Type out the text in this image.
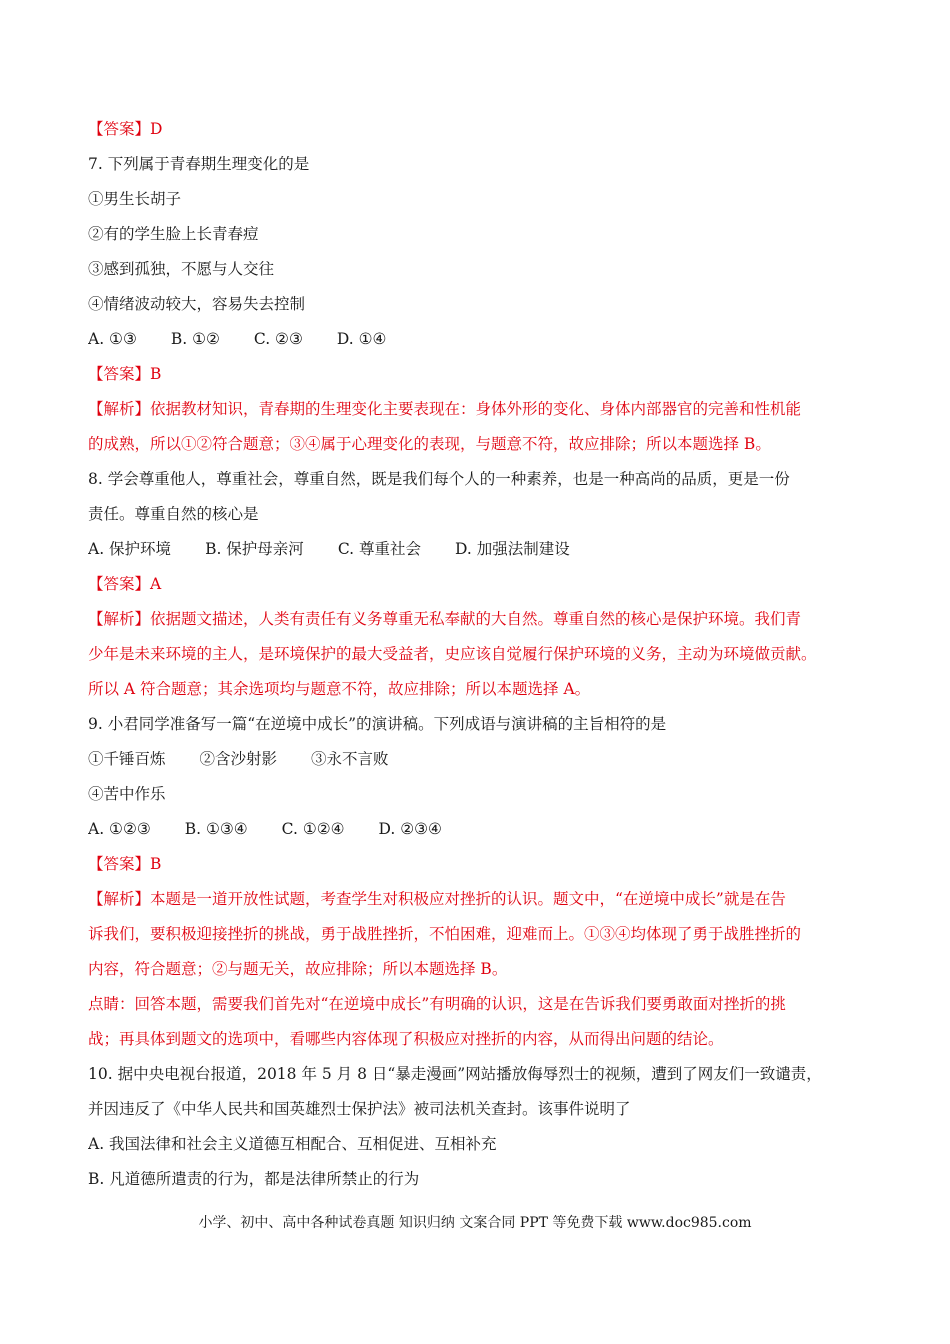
【答案】D
7. 下列属于青春期生理变化的是
①男生长胡子
②有的学生脸上长青春痘
③感到孤独，不愿与人交往
④情绪波动较大，容易失去控制
A. ①③ B. ①② C. ②③ D. ①④
【答案】B
【解析】依据教材知识，青春期的生理变化主要表现在：身体外形的变化、身体内部器官的完善和性机能
的成熟，所以①②符合题意；③④属于心理变化的表现，与题意不符，故应排除；所以本题选择 B。
8. 学会尊重他人，尊重社会，尊重自然，既是我们每个人的一种素养，也是一种高尚的品质，更是一份
责任。尊重自然的核心是
A. 保护环境 B. 保护母亲河 C. 尊重社会 D. 加强法制建设
【答案】A
【解析】依据题文描述，人类有责任有义务尊重无私奉献的大自然。尊重自然的核心是保护环境。我们青
少年是未来环境的主人，是环境保护的最大受益者，史应该自觉履行保护环境的义务，主动为环境做贡献。
所以 A 符合题意；其余选项均与题意不符，故应排除；所以本题选择 A。
9. 小君同学准备写一篇“在逆境中成长”的演讲稿。下列成语与演讲稿的主旨相符的是
①千锤百炼 ②含沙射影 ③永不言败
④苦中作乐
A. ①②③ B. ①③④ C. ①②④ D. ②③④
【答案】B
【解析】本题是一道开放性试题，考查学生对积极应对挫折的认识。题文中，“在逆境中成长”就是在告
诉我们，要积极迎接挫折的挑战，勇于战胜挫折，不怕困难，迎难而上。①③④均体现了勇于战胜挫折的
内容，符合题意；②与题无关，故应排除；所以本题选择 B。
点睛：回答本题，需要我们首先对“在逆境中成长”有明确的认识，这是在告诉我们要勇敢面对挫折的挑
战；再具体到题文的选项中，看哪些内容体现了积极应对挫折的内容，从而得出问题的结论。
10. 据中央电视台报道，2018 年 5 月 8 日“暴走漫画”网站播放侮辱烈士的视频，遭到了网友们一致谴责，
并因违反了《中华人民共和国英雄烈士保护法》被司法机关查封。该事件说明了
A. 我国法律和社会主义道德互相配合、互相促进、互相补充
B. 凡道德所遣责的行为，都是法律所禁止的行为
小学、初中、高中各种试卷真题 知识归纳 文案合同 PPT 等免费下载 www.doc985.com
